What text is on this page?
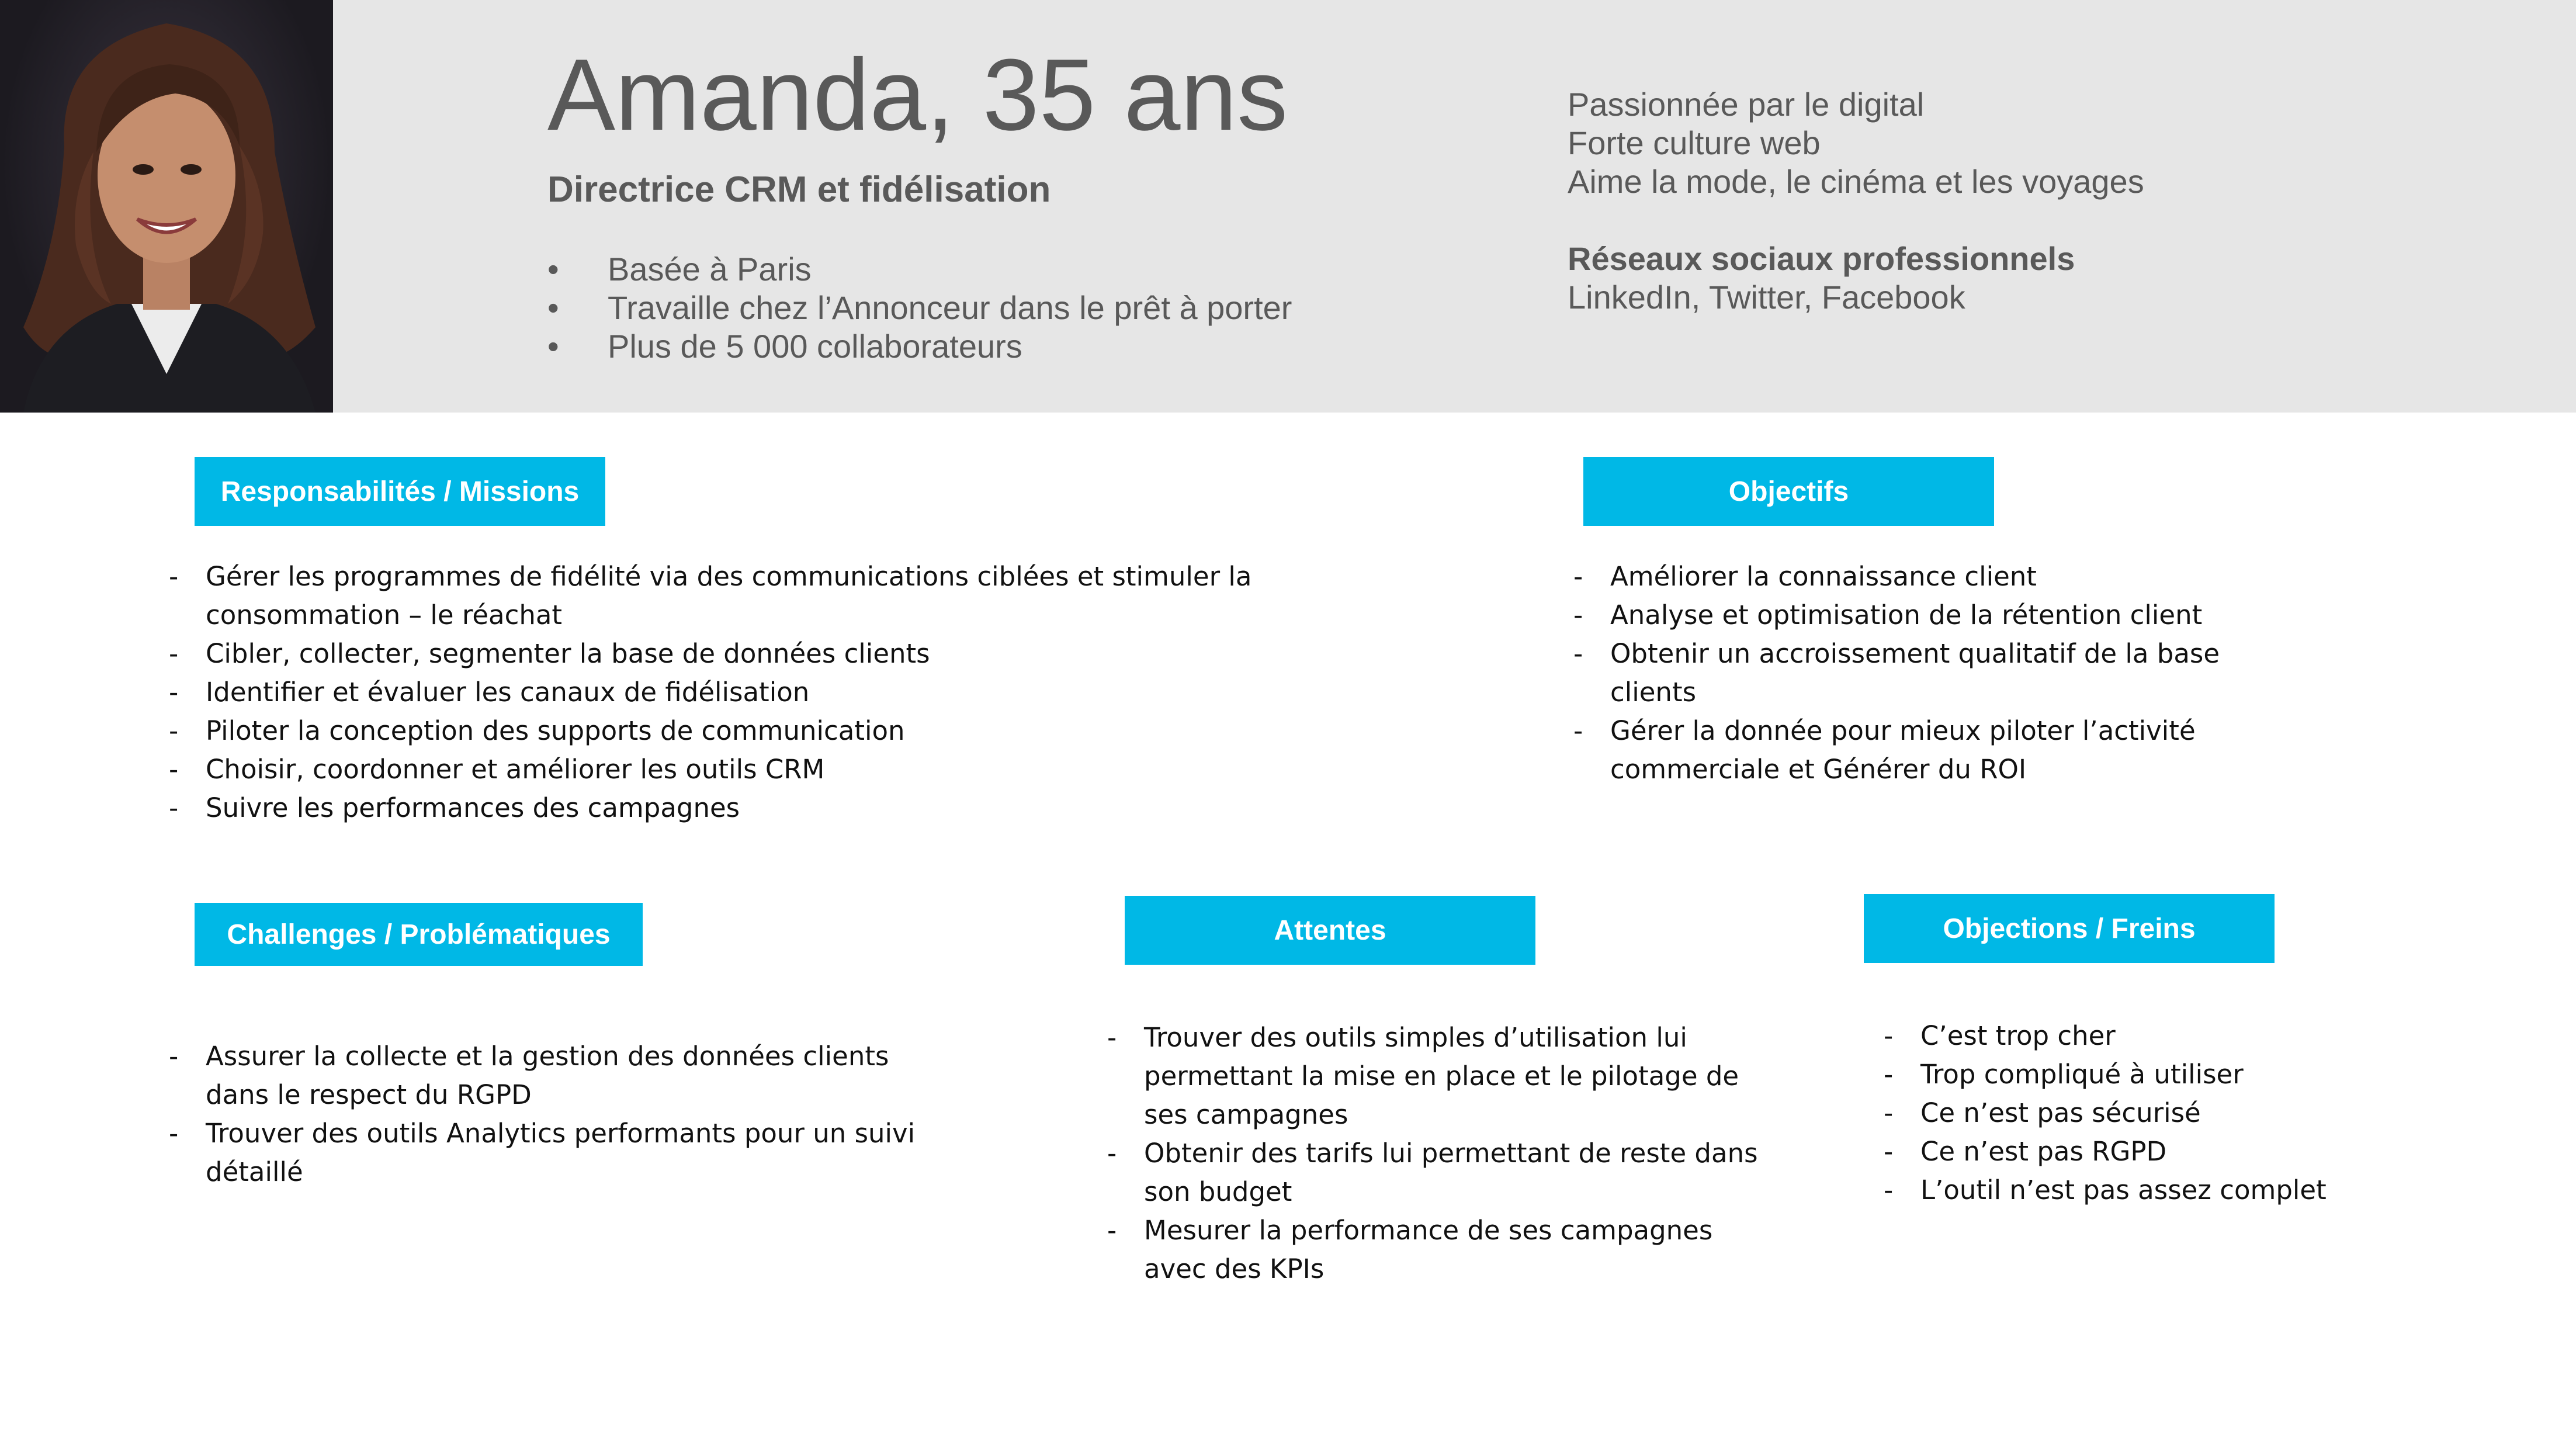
Amanda, 35 ans
Directrice CRM et fidélisation
• Basée à Paris
• Travaille chez l’Annonceur dans le prêt à porter
• Plus de 5 000 collaborateurs
Passionnée par le digital
Forte culture web
Aime la mode, le cinéma et les voyages
Réseaux sociaux professionnels
LinkedIn, Twitter, Facebook
Responsabilités / Missions
- Gérer les programmes de fidélité via des communications ciblées et stimuler la consommation – le réachat
- Cibler, collecter, segmenter la base de données clients
- Identifier et évaluer les canaux de fidélisation
- Piloter la conception des supports de communication
- Choisir, coordonner et améliorer les outils CRM
- Suivre les performances des campagnes
Objectifs
- Améliorer la connaissance client
- Analyse et optimisation de la rétention client
- Obtenir un accroissement qualitatif de la base clients
- Gérer la donnée pour mieux piloter l’activité commerciale et Générer du ROI
Challenges / Problématiques
- Assurer la collecte et la gestion des données clients dans le respect du RGPD
- Trouver des outils Analytics performants pour un suivi détaillé
Attentes
- Trouver des outils simples d’utilisation lui permettant la mise en place et le pilotage de ses campagnes
- Obtenir des tarifs lui permettant de reste dans son budget
- Mesurer la performance de ses campagnes avec des KPIs
Objections / Freins
- C’est trop cher
- Trop compliqué à utiliser
- Ce n’est pas sécurisé
- Ce n’est pas RGPD
- L’outil n’est pas assez complet
